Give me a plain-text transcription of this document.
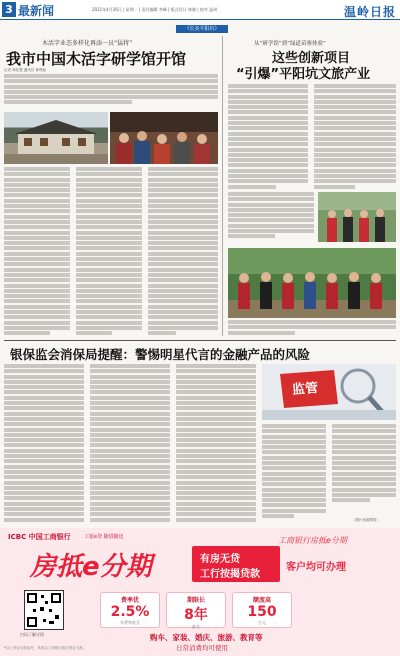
3 最新闻	2021年4月26日 | 星期一 | 责任编辑 李峰 | 版式设计 林晓 | 校对 温州	温岭日报
《长美平阳坑》
木活字业态多样化再添一员“猛将”
我市中国木活字研学馆开馆
记者 林佳慧 通讯员 林利灿
从“研学馆”到“绿道苗寨体验”
这些创新项目
“引爆”平阳坑文旅产业
银保监会消保局提醒：警惕明星代言的金融产品的风险
监管
（图片来源网络）
ICBC 中国工商银行	工银e贷 随借随还	工商银行房抵e分期
房抵e分期	有房无贷
工行按揭贷款
客户均可办理
扫码了解详情
费率优
2.5%
年费率低至
期限长
8年
最长
额度高
150
万元
购车、家装、婚庆、旅游、教育等
日常消费均可使用
*以上内容仅供参考，具体以工商银行相关规定为准。
